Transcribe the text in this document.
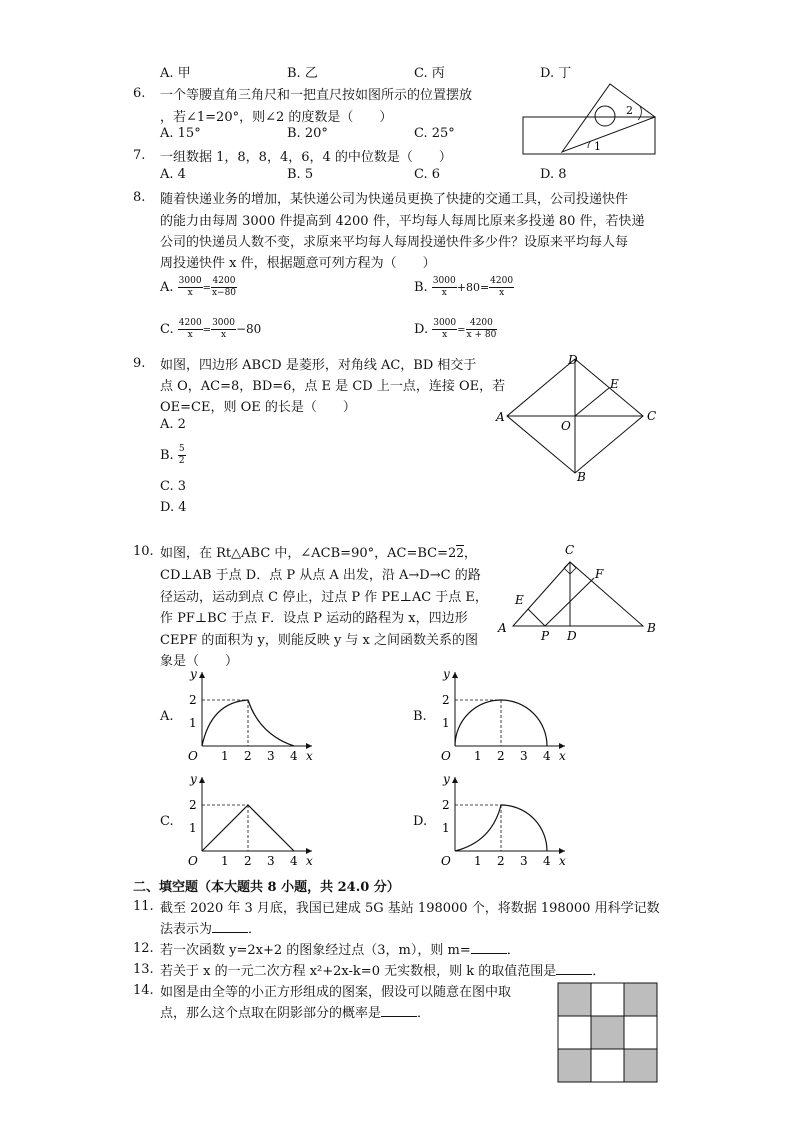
A. 甲	B. 乙	C. 丙	D. 丁
6. 一个等腰直角三角尺和一把直尺按如图所示的位置摆放
，若∠1=20°，则∠2 的度数是（　　）
A. 15°	B. 20°	C. 25°
2
1
7. 一组数据 1，8，8，4，6，4 的中位数是（　　）
A. 4	B. 5	C. 6	D. 8
8. 随着快递业务的增加，某快递公司为快递员更换了快捷的交通工具，公司投递快件
的能力由每周 3000 件提高到 4200 件，平均每人每周比原来多投递 80 件，若快递
公司的快递员人数不变，求原来平均每人每周投递快件多少件？设原来平均每人每
周投递快件 x 件，根据题意可列方程为（　　）
A. $\frac{3000}{x} = \frac{4200}{x-80}$	B. $\frac{3000}{x} +80= \frac{4200}{x}$
C. $\frac{4200}{x} = \frac{3000}{x} -80$	D. $\frac{3000}{x} = \frac{4200}{x + 80}$
9. 如图，四边形 ABCD 是菱形，对角线 AC，BD 相交于
点 O，AC=8，BD=6，点 E 是 CD 上一点，连接 OE，若
OE=CE，则 OE 的长是（　　）
A. 2
B. $\frac{5}{2}$
C. 3
D. 4
D
E
A
O
C
B
10. 如图，在 Rt△ABC 中，∠ACB=90°，AC=BC=22，
CD⊥AB 于点 D．点 P 从点 A 出发，沿 A→D→C 的路
径运动，运动到点 C 停止，过点 P 作 PE⊥AC 于点 E，
作 PF⊥BC 于点 F．设点 P 运动的路程为 x，四边形
CEPF 的面积为 y，则能反映 y 与 x 之间函数关系的图
象是（　　）
C
F
E
A
P D
B
A.
x
y
O 1 2 3 4
1
2
B.
x
y
O 1 2 3 4
1
2
C.
x
y
O 1 2 3 4
1
2
D.
x
y
O 1 2 3 4
1
2
二、填空题（本大题共 8 小题，共 24.0 分）
11. 截至 2020 年 3 月底，我国已建成 5G 基站 198000 个，将数据 198000 用科学记数
法表示为	．
12. 若一次函数 y=2x+2 的图象经过点（3，m），则 m=	．
13. 若关于 x 的一元二次方程 x²+2x-k=0 无实数根，则 k 的取值范围是	．
14. 如图是由全等的小正方形组成的图案，假设可以随意在图中取
点，那么这个点取在阴影部分的概率是	．
